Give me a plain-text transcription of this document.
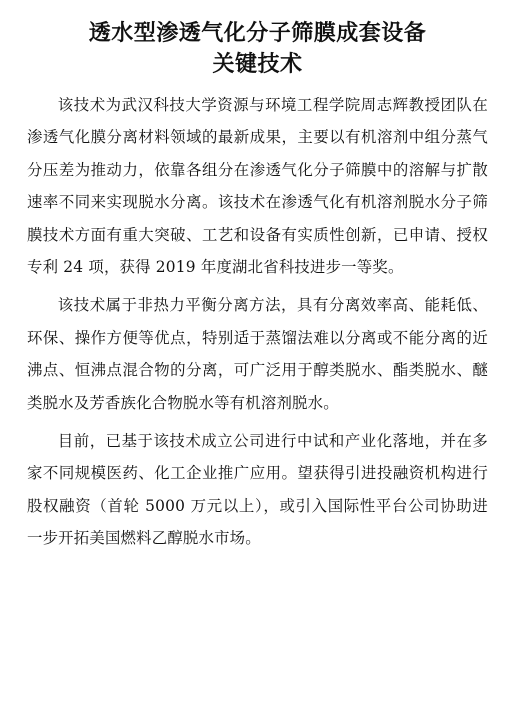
透水型渗透气化分子筛膜成套设备
关键技术

该技术为武汉科技大学资源与环境工程学院周志辉教授团队在渗透气化膜分离材料领域的最新成果，主要以有机溶剂中组分蒸气分压差为推动力，依靠各组分在渗透气化分子筛膜中的溶解与扩散速率不同来实现脱水分离。该技术在渗透气化有机溶剂脱水分子筛膜技术方面有重大突破、工艺和设备有实质性创新，已申请、授权专利 24 项，获得 2019 年度湖北省科技进步一等奖。

该技术属于非热力平衡分离方法，具有分离效率高、能耗低、环保、操作方便等优点，特别适于蒸馏法难以分离或不能分离的近沸点、恒沸点混合物的分离，可广泛用于醇类脱水、酯类脱水、醚类脱水及芳香族化合物脱水等有机溶剂脱水。

目前，已基于该技术成立公司进行中试和产业化落地，并在多家不同规模医药、化工企业推广应用。望获得引进投融资机构进行股权融资（首轮 5000 万元以上），或引入国际性平台公司协助进一步开拓美国燃料乙醇脱水市场。
